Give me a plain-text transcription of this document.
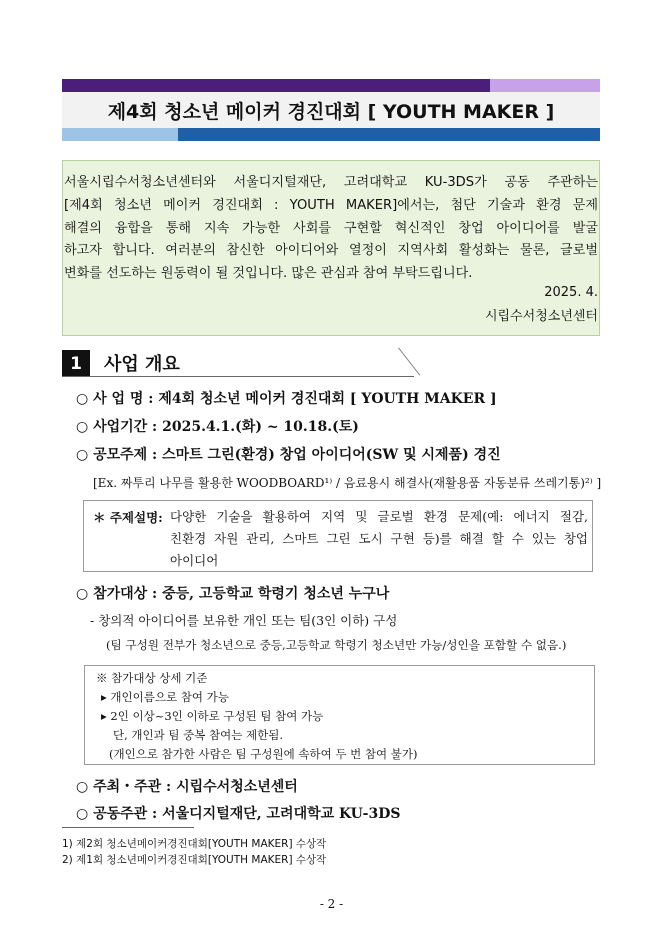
제4회 청소년 메이커 경진대회 [ YOUTH MAKER ]
서울시립수서청소년센터와 서울디지털재단, 고려대학교 KU-3DS가 공동 주관하는
[제4회 청소년 메이커 경진대회 : YOUTH MAKER]에서는, 첨단 기술과 환경 문제
해결의 융합을 통해 지속 가능한 사회를 구현할 혁신적인 창업 아이디어를 발굴
하고자 합니다. 여러분의 참신한 아이디어와 열정이 지역사회 활성화는 물론, 글로벌
변화를 선도하는 원동력이 될 것입니다. 많은 관심과 참여 부탁드립니다.
2025. 4.
시립수서청소년센터
1	사업 개요
○ 사 업 명 : 제4회 청소년 메이커 경진대회 [ YOUTH MAKER ]
○ 사업기간 : 2025.4.1.(화) ~ 10.18.(토)
○ 공모주제 : 스마트 그린(환경) 창업 아이디어(SW 및 시제품) 경진
[Ex. 짜투리 나무를 활용한 WOODBOARD¹⁾ / 음료용시 해결사(재활용품 자동분류 쓰레기통)²⁾ ]
＊ 주제설명: 다양한 기술을 활용하여 지역 및 글로벌 환경 문제(예: 에너지 절감,
친환경 자원 관리, 스마트 그린 도시 구현 등)를 해결 할 수 있는 창업
아이디어
○ 참가대상 : 중등, 고등학교 학령기 청소년 누구나
- 창의적 아이디어를 보유한 개인 또는 팀(3인 이하) 구성
(팀 구성원 전부가 청소년으로 중등,고등학교 학령기 청소년만 가능/성인을 포함할 수 없음.)
※ 참가대상 상세 기준
▸ 개인이름으로 참여 가능
▸ 2인 이상~3인 이하로 구성된 팀 참여 가능
단, 개인과 팀 중복 참여는 제한됨.
(개인으로 참가한 사람은 팀 구성원에 속하여 두 번 참여 불가)
○ 주최・주관 : 시립수서청소년센터
○ 공동주관 : 서울디지털재단, 고려대학교 KU-3DS
1) 제2회 청소년메이커경진대회[YOUTH MAKER] 수상작
2) 제1회 청소년메이커경진대회[YOUTH MAKER] 수상작
- 2 -
